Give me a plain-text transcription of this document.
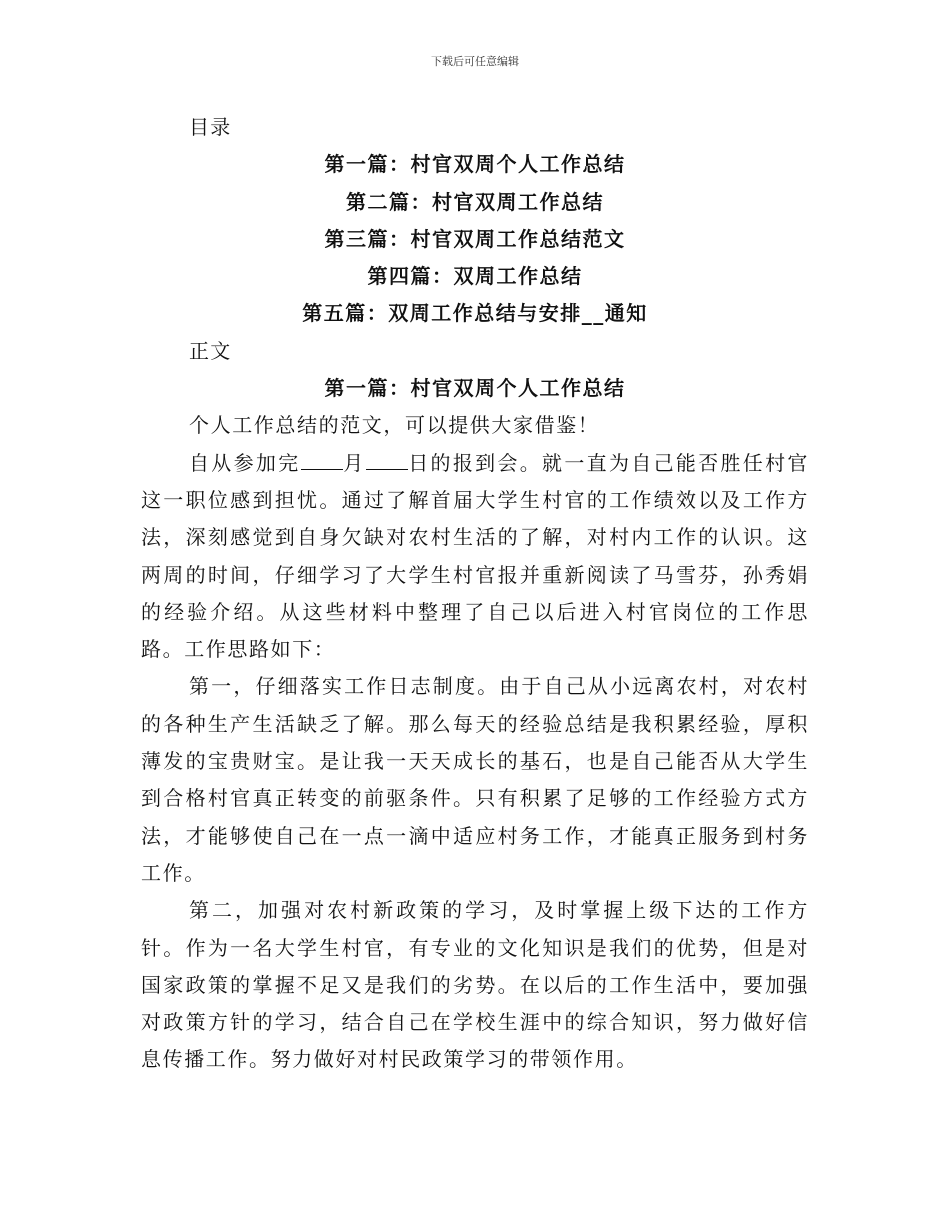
下载后可任意编辑
目录
第一篇：村官双周个人工作总结
第二篇：村官双周工作总结
第三篇：村官双周工作总结范文
第四篇：双周工作总结
第五篇：双周工作总结与安排__通知
正文
第一篇：村官双周个人工作总结

个人工作总结的范文，可以提供大家借鉴！

自从参加完 月 日的报到会。就一直为自己能否胜任村官这一职位感到担忧。通过了解首届大学生村官的工作绩效以及工作方法，深刻感觉到自身欠缺对农村生活的了解，对村内工作的认识。这两周的时间，仔细学习了大学生村官报并重新阅读了马雪芬，孙秀娟的经验介绍。从这些材料中整理了自己以后进入村官岗位的工作思路。工作思路如下：

第一，仔细落实工作日志制度。由于自己从小远离农村，对农村的各种生产生活缺乏了解。那么每天的经验总结是我积累经验，厚积薄发的宝贵财宝。是让我一天天成长的基石，也是自己能否从大学生到合格村官真正转变的前驱条件。只有积累了足够的工作经验方式方法，才能够使自己在一点一滴中适应村务工作，才能真正服务到村务工作。

第二，加强对农村新政策的学习，及时掌握上级下达的工作方针。作为一名大学生村官，有专业的文化知识是我们的优势，但是对国家政策的掌握不足又是我们的劣势。在以后的工作生活中，要加强对政策方针的学习，结合自己在学校生涯中的综合知识，努力做好信息传播工作。努力做好对村民政策学习的带领作用。
